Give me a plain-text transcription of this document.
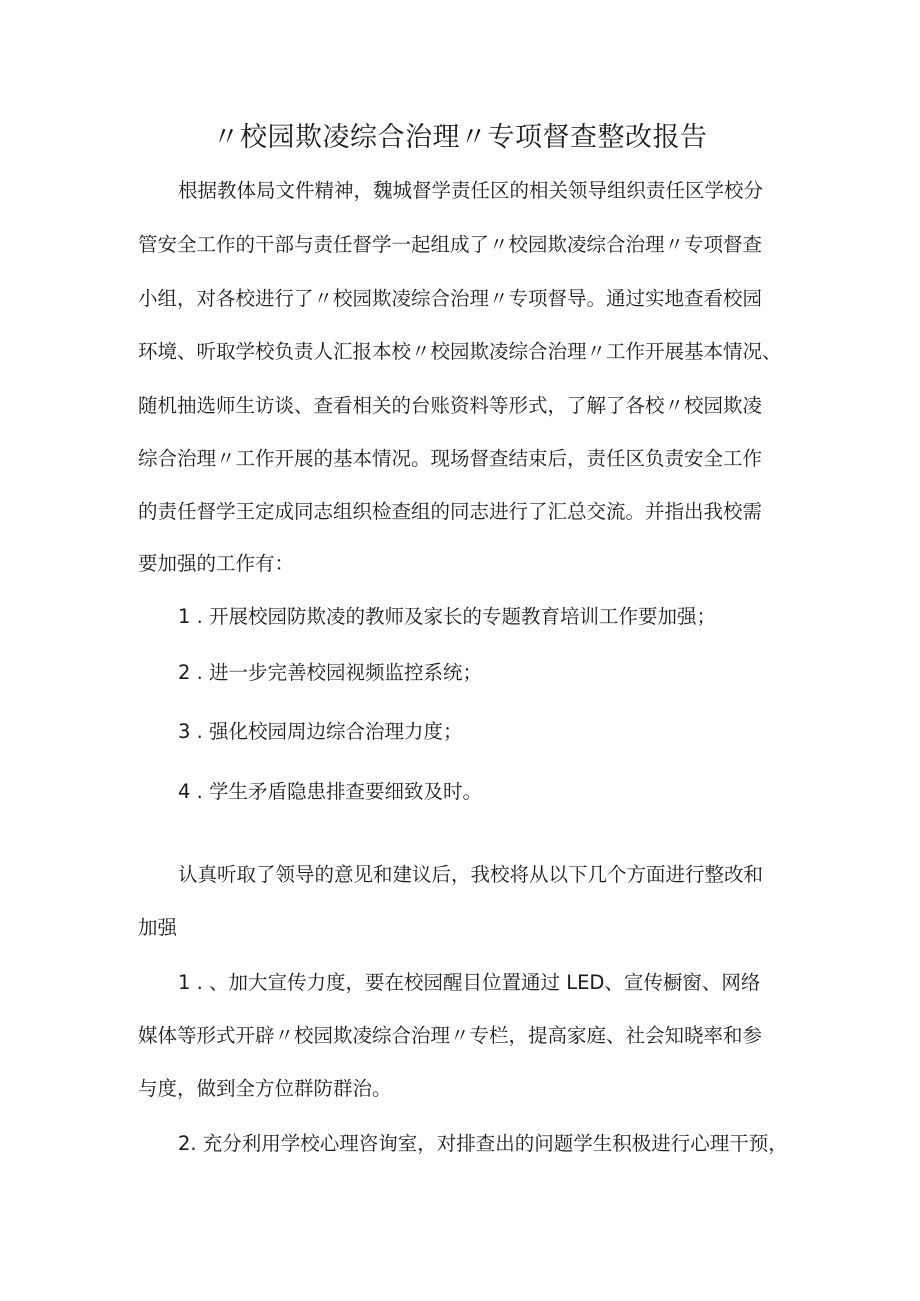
〃校园欺凌综合治理〃专项督查整改报告
根据教体局文件精神，魏城督学责任区的相关领导组织责任区学校分
管安全工作的干部与责任督学一起组成了〃校园欺凌综合治理〃专项督查
小组，对各校进行了〃校园欺凌综合治理〃专项督导。通过实地查看校园
环境、听取学校负责人汇报本校〃校园欺凌综合治理〃工作开展基本情况、
随机抽选师生访谈、查看相关的台账资料等形式，了解了各校〃校园欺凌
综合治理〃工作开展的基本情况。现场督查结束后，责任区负责安全工作
的责任督学王定成同志组织检查组的同志进行了汇总交流。并指出我校需
要加强的工作有：
1 . 开展校园防欺凌的教师及家长的专题教育培训工作要加强；
2 . 进一步完善校园视频监控系统；
3 . 强化校园周边综合治理力度；
4 . 学生矛盾隐患排查要细致及时。
认真听取了领导的意见和建议后，我校将从以下几个方面进行整改和
加强
1 . 、加大宣传力度，要在校园醒目位置通过 LED、宣传橱窗、网络
媒体等形式开辟〃校园欺凌综合治理〃专栏，提高家庭、社会知晓率和参
与度，做到全方位群防群治。
2. 充分利用学校心理咨询室，对排查出的问题学生积极进行心理干预，
